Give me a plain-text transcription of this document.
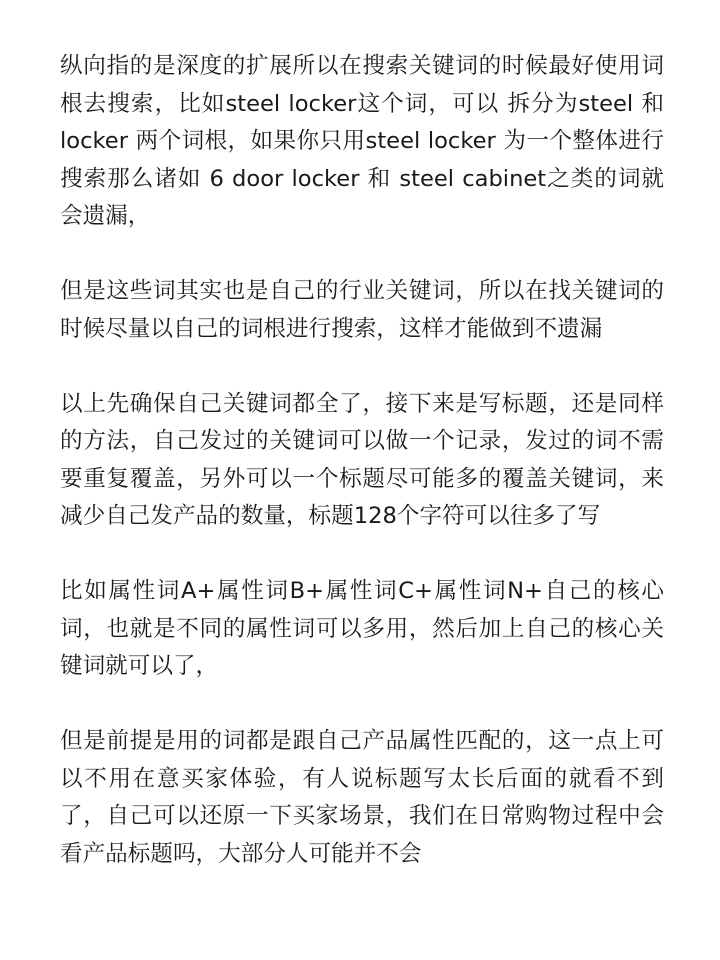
纵向指的是深度的扩展所以在搜索关键词的时候最好使用词根去搜索，比如steel locker这个词，可以 拆分为steel 和 locker 两个词根，如果你只用steel locker 为一个整体进行搜索那么诸如 6 door locker 和 steel cabinet之类的词就会遗漏，

但是这些词其实也是自己的行业关键词，所以在找关键词的时候尽量以自己的词根进行搜索，这样才能做到不遗漏

以上先确保自己关键词都全了，接下来是写标题，还是同样的方法，自己发过的关键词可以做一个记录，发过的词不需要重复覆盖，另外可以一个标题尽可能多的覆盖关键词，来减少自己发产品的数量，标题128个字符可以往多了写

比如属性词A+属性词B+属性词C+属性词N+自己的核心词，也就是不同的属性词可以多用，然后加上自己的核心关键词就可以了，

但是前提是用的词都是跟自己产品属性匹配的，这一点上可以不用在意买家体验，有人说标题写太长后面的就看不到了，自己可以还原一下买家场景，我们在日常购物过程中会看产品标题吗，大部分人可能并不会
